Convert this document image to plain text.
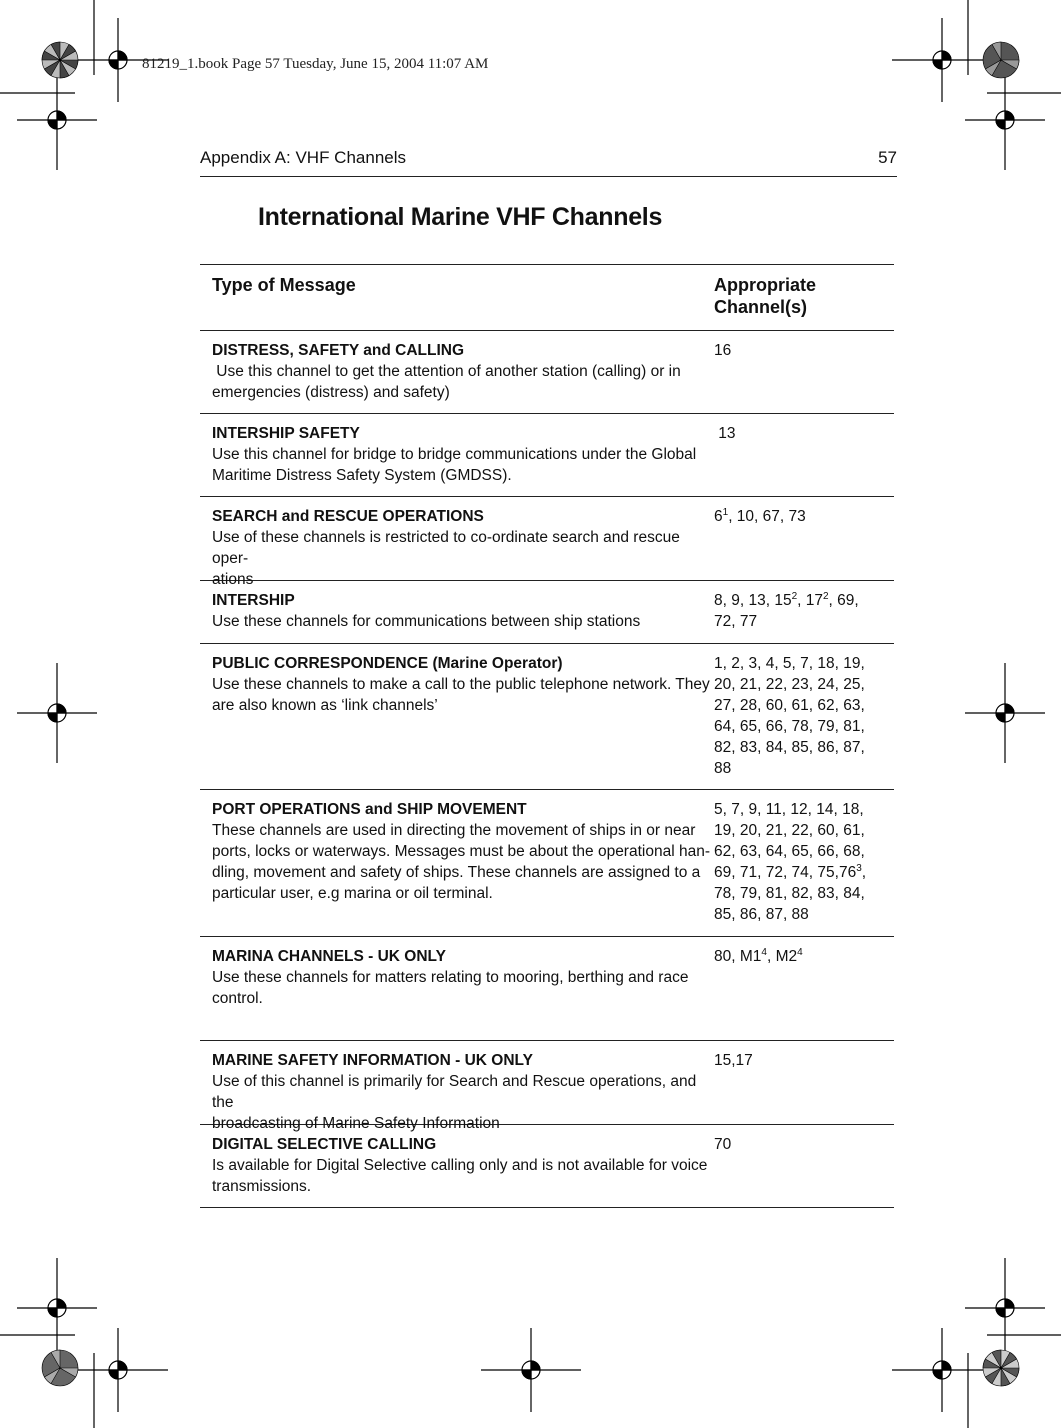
81219_1.book Page 57 Tuesday, June 15, 2004 11:07 AM
Appendix A: VHF Channels	57
International Marine VHF Channels
Type of Message	Appropriate
Channel(s)
DISTRESS, SAFETY and CALLING
Use this channel to get the attention of another station (calling) or in
emergencies (distress) and safety)
16
INTERSHIP SAFETY
Use this channel for bridge to bridge communications under the Global
Maritime Distress Safety System (GMDSS).
13
SEARCH and RESCUE OPERATIONS
Use of these channels is restricted to co-ordinate search and rescue oper-
ations
$6^1$, 10, 67, 73
INTERSHIP
Use these channels for communications between ship stations
8, 9, 13, $15^2$, $17^2$, 69,
72, 77
PUBLIC CORRESPONDENCE (Marine Operator)
Use these channels to make a call to the public telephone network. They
are also known as ‘link channels’
1, 2, 3, 4, 5, 7, 18, 19,
20, 21, 22, 23, 24, 25,
27, 28, 60, 61, 62, 63,
64, 65, 66, 78, 79, 81,
82, 83, 84, 85, 86, 87,
88
PORT OPERATIONS and SHIP MOVEMENT
These channels are used in directing the movement of ships in or near
ports, locks or waterways. Messages must be about the operational han-
dling, movement and safety of ships. These channels are assigned to a
particular user, e.g marina or oil terminal.
5, 7, 9, 11, 12, 14, 18,
19, 20, 21, 22, 60, 61,
62, 63, 64, 65, 66, 68,
69, 71, 72, 74, 75,76$^3$,
78, 79, 81, 82, 83, 84,
85, 86, 87, 88
MARINA CHANNELS - UK ONLY
Use these channels for matters relating to mooring, berthing and race
control.
80, $M1^4$, $M2^4$
MARINE SAFETY INFORMATION - UK ONLY
Use of this channel is primarily for Search and Rescue operations, and the
broadcasting of Marine Safety Information
15,17
DIGITAL SELECTIVE CALLING
Is available for Digital Selective calling only and is not available for voice
transmissions.
70
